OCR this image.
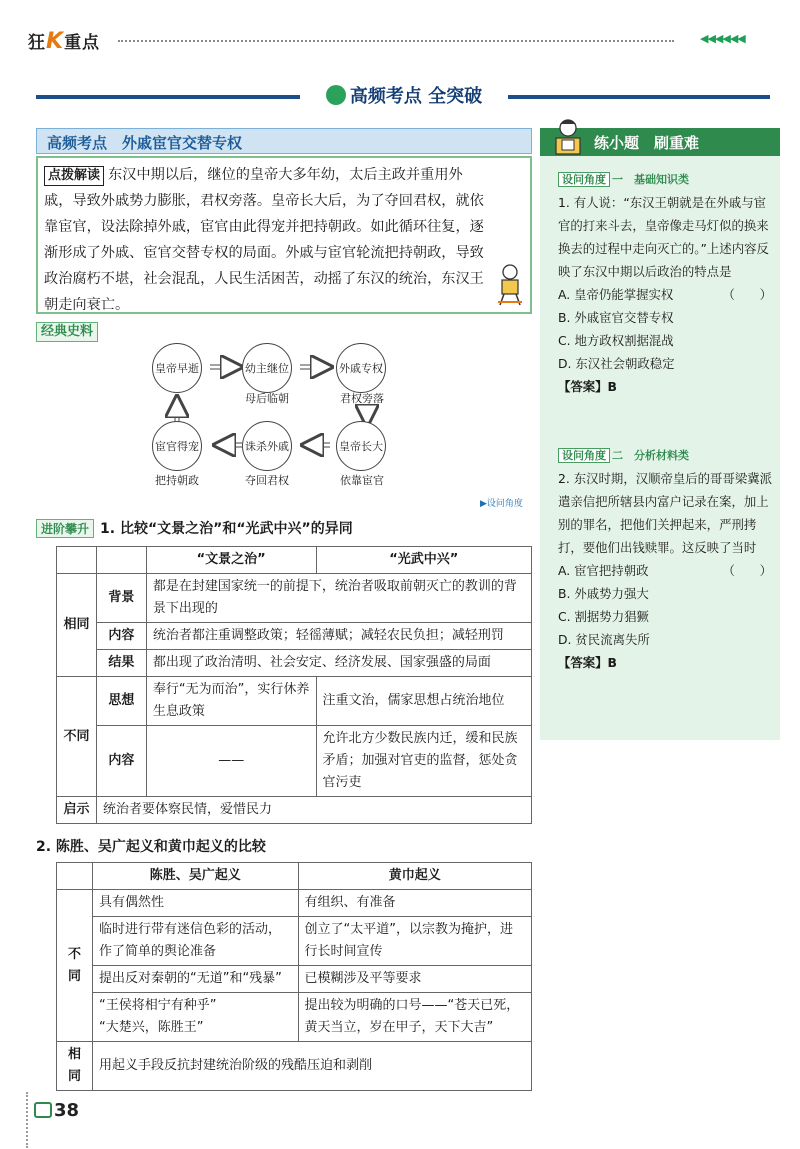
狂K重点	◀◀◀◀◀◀
高频考点 全突破
高频考点　外戚宦官交替专权
点拨解读 东汉中期以后，继位的皇帝大多年幼，太后主政并重用外戚，导致外戚势力膨胀，君权旁落。皇帝长大后，为了夺回君权，就依靠宦官，设法除掉外戚，宦官由此得宠并把持朝政。如此循环往复，逐渐形成了外戚、宦官交替专权的局面。外戚与宦官轮流把持朝政，导致政治腐朽不堪，社会混乱，人民生活困苦，动摇了东汉的统治，东汉王朝走向衰亡。
经典史料
皇帝早逝	幼主继位	外戚专权
皇帝长大
诛杀外戚
宦官得宠
母后临朝	君权旁落
依靠宦官
夺回君权
把持朝政
▶设问角度
进阶攀升 1. 比较“文景之治”和“光武中兴”的异同
		“文景之治”	“光武中兴”
相同	背景	都是在封建国家统一的前提下，统治者吸取前朝灭亡的教训的背景下出现的	
	内容	统治者都注重调整政策；轻徭薄赋；减轻农民负担；减轻刑罚	
	结果	都出现了政治清明、社会安定、经济发展、国家强盛的局面	
不同	思想	奉行“无为而治”，实行休养生息政策	注重文治，儒家思想占统治地位
	内容	——	允许北方少数民族内迁，缓和民族矛盾；加强对官吏的监督，惩处贪官污吏
启示	统治者要体察民情，爱惜民力		
2. 陈胜、吴广起义和黄巾起义的比较
	陈胜、吴广起义	黄巾起义
不同	具有偶然性	有组织、有准备
	临时进行带有迷信色彩的活动，作了简单的舆论准备	创立了“太平道”，以宗教为掩护，进行长时间宣传
	提出反对秦朝的“无道”和“残暴”	已模糊涉及平等要求
	“王侯将相宁有种乎”
“大楚兴，陈胜王”	提出较为明确的口号——“苍天已死，黄天当立，岁在甲子，天下大吉”
相同	用起义手段反抗封建统治阶级的残酷压迫和剥削	
练小题　刷重难

设问角度 一　基础知识类

1. 有人说：“东汉王朝就是在外戚与宦官的打来斗去，皇帝像走马灯似的换来换去的过程中走向灭亡的。”上述内容反映了东汉中期以后政治的特点是
（　　）

A. 皇帝仍能掌握实权

B. 外戚宦官交替专权

C. 地方政权割据混战

D. 东汉社会朝政稳定

【答案】B

设问角度 二　分析材料类

2. 东汉时期，汉顺帝皇后的哥哥梁冀派遣亲信把所辖县内富户记录在案，加上别的罪名，把他们关押起来，严刑拷打，要他们出钱赎罪。这反映了当时
（　　）

A. 宦官把持朝政

B. 外戚势力强大

C. 割据势力猖獗

D. 贫民流离失所

【答案】B

38
